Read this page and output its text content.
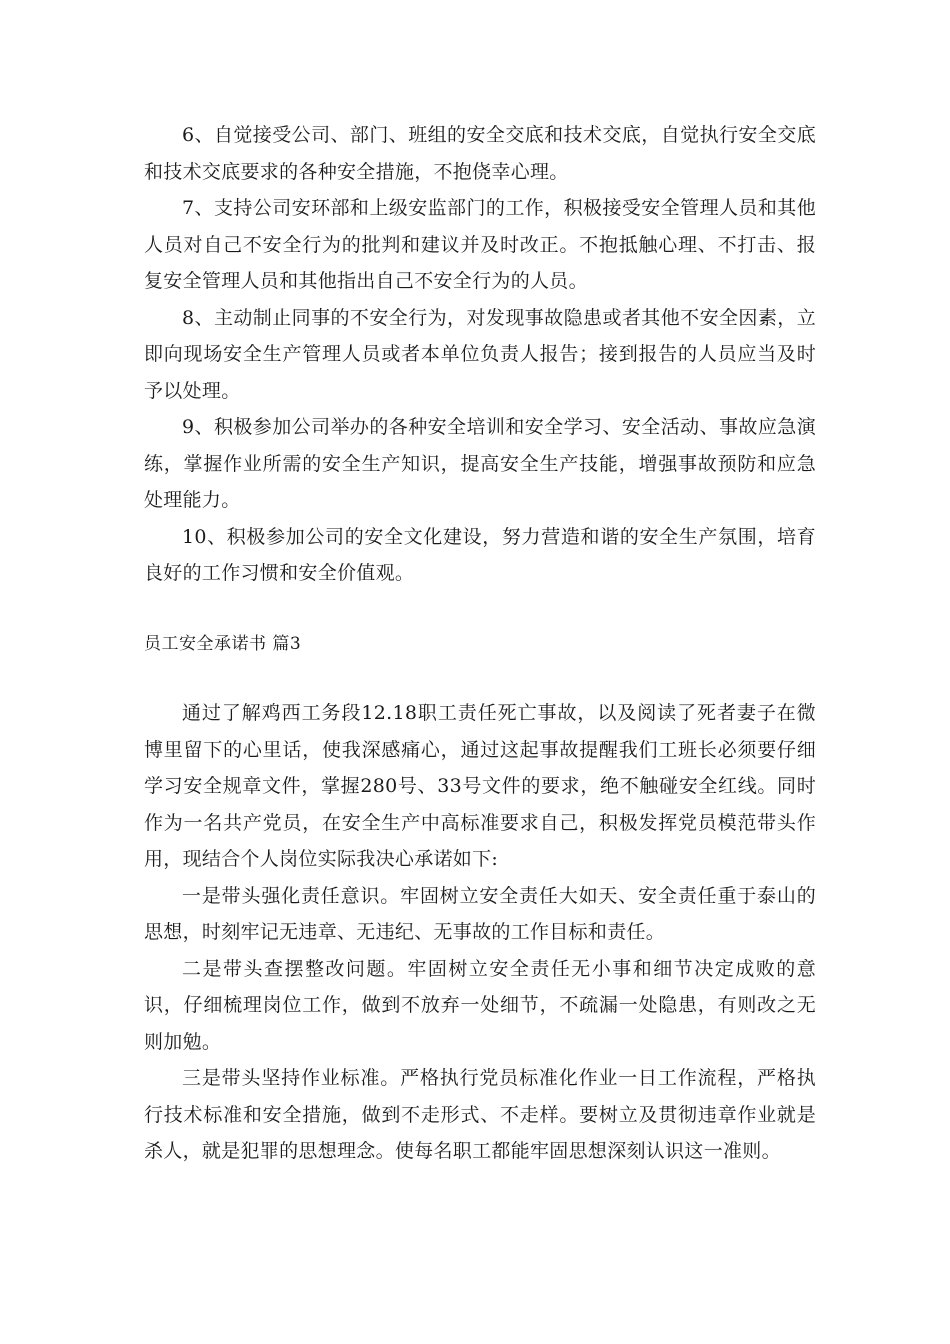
6、自觉接受公司、部门、班组的安全交底和技术交底，自觉执行安全交底和技术交底要求的各种安全措施，不抱侥幸心理。

7、支持公司安环部和上级安监部门的工作，积极接受安全管理人员和其他人员对自己不安全行为的批判和建议并及时改正。不抱抵触心理、不打击、报复安全管理人员和其他指出自己不安全行为的人员。

8、主动制止同事的不安全行为，对发现事故隐患或者其他不安全因素，立即向现场安全生产管理人员或者本单位负责人报告；接到报告的人员应当及时予以处理。

9、积极参加公司举办的各种安全培训和安全学习、安全活动、事故应急演练，掌握作业所需的安全生产知识，提高安全生产技能，增强事故预防和应急处理能力。

10、积极参加公司的安全文化建设，努力营造和谐的安全生产氛围，培育良好的工作习惯和安全价值观。

员工安全承诺书 篇3

通过了解鸡西工务段12.18职工责任死亡事故，以及阅读了死者妻子在微博里留下的心里话，使我深感痛心，通过这起事故提醒我们工班长必须要仔细学习安全规章文件，掌握280号、33号文件的要求，绝不触碰安全红线。同时作为一名共产党员，在安全生产中高标准要求自己，积极发挥党员模范带头作用，现结合个人岗位实际我决心承诺如下:

一是带头强化责任意识。牢固树立安全责任大如天、安全责任重于泰山的思想，时刻牢记无违章、无违纪、无事故的工作目标和责任。

二是带头查摆整改问题。牢固树立安全责任无小事和细节决定成败的意识，仔细梳理岗位工作，做到不放弃一处细节，不疏漏一处隐患，有则改之无则加勉。

三是带头坚持作业标准。严格执行党员标准化作业一日工作流程，严格执行技术标准和安全措施，做到不走形式、不走样。要树立及贯彻违章作业就是杀人，就是犯罪的思想理念。使每名职工都能牢固思想深刻认识这一准则。
